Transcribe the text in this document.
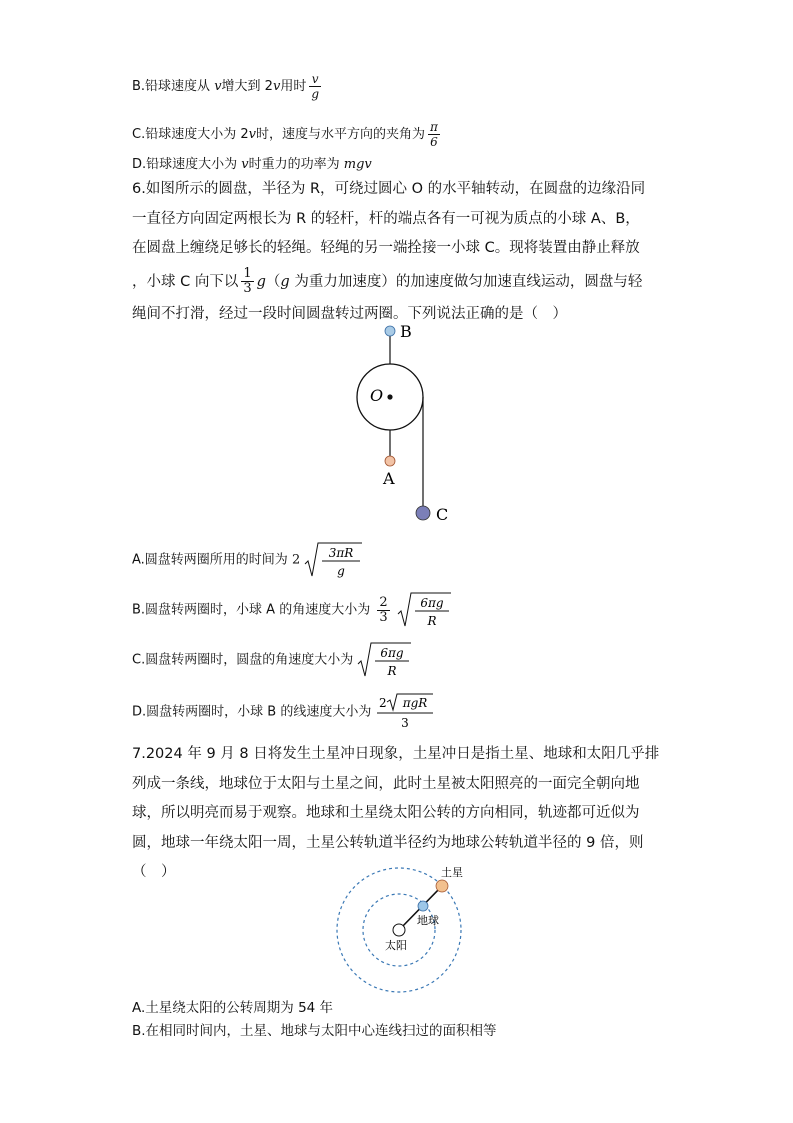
B.铅球速度从 v增大到 2v用时 $\frac{v}{g}$
C.铅球速度大小为 2v时，速度与水平方向的夹角为 $\frac{\pi}{6}$
D.铅球速度大小为 v时重力的功率为 mgv
6.如图所示的圆盘，半径为 R，可绕过圆心 O 的水平轴转动，在圆盘的边缘沿同
一直径方向固定两根长为 R 的轻杆，杆的端点各有一可视为质点的小球 A、B，
在圆盘上缠绕足够长的轻绳。轻绳的另一端拴接一小球 C。现将装置由静止释放
，小球 C 向下以 $\frac{1}{3} g(g$ 为重力加速度）的加速度做匀加速直线运动，圆盘与轻
绳间不打滑，经过一段时间圆盘转过两圈。下列说法正确的是（　）
B
O
A
C
A.圆盘转两圈所用的时间为 2 3πR
g
B.圆盘转两圈时，小球 A 的角速度大小为 $\frac{2}{3}$
	6πg
R
C.圆盘转两圈时，圆盘的角速度大小为 6πg
R
D.圆盘转两圈时，小球 B 的线速度大小为
2 πgR
3
7.2024 年 9 月 8 日将发生土星冲日现象，土星冲日是指土星、地球和太阳几乎排
列成一条线，地球位于太阳与土星之间，此时土星被太阳照亮的一面完全朝向地
球，所以明亮而易于观察。地球和土星绕太阳公转的方向相同，轨迹都可近似为
圆，地球一年绕太阳一周，土星公转轨道半径约为地球公转轨道半径的 9 倍，则
（　）	土星
地球
太阳
A.土星绕太阳的公转周期为 54 年
B.在相同时间内，土星、地球与太阳中心连线扫过的面积相等
